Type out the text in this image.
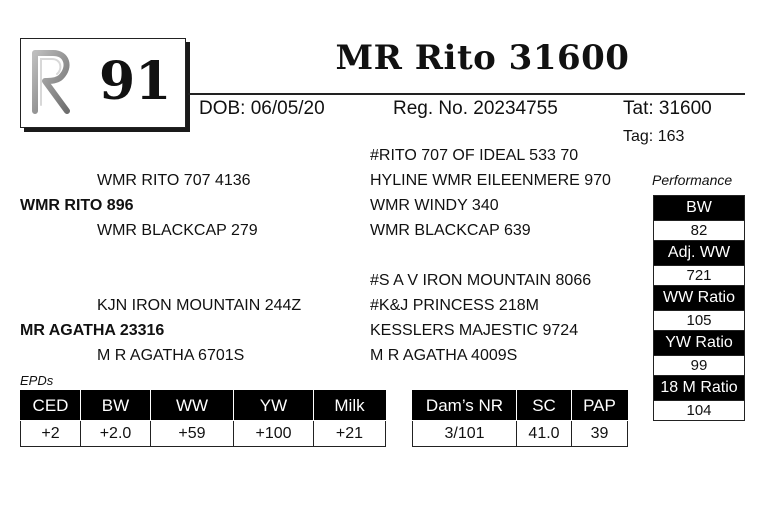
91	MR Rito 31600
DOB: 06/05/20	Reg. No. 20234755	Tat: 31600
Tag: 163
#RITO 707 OF IDEAL 533 70
WMR RITO 707 4136	HYLINE WMR EILEENMERE 970
WMR RITO 896	WMR WINDY 340
WMR BLACKCAP 279	WMR BLACKCAP 639
#S A V IRON MOUNTAIN 8066
KJN IRON MOUNTAIN 244Z	#K&J PRINCESS 218M
MR AGATHA 23316	KESSLERS MAJESTIC 9724
M R AGATHA 6701S	M R AGATHA 4009S
Performance
BW
82
Adj. WW
721
WW Ratio
105
YW Ratio
99
18 M Ratio
104
EPDs
CED	BW	WW	YW	Milk
+2	+2.0	+59	+100	+21
Dam’s NR	SC	PAP
3/101	41.0	39
